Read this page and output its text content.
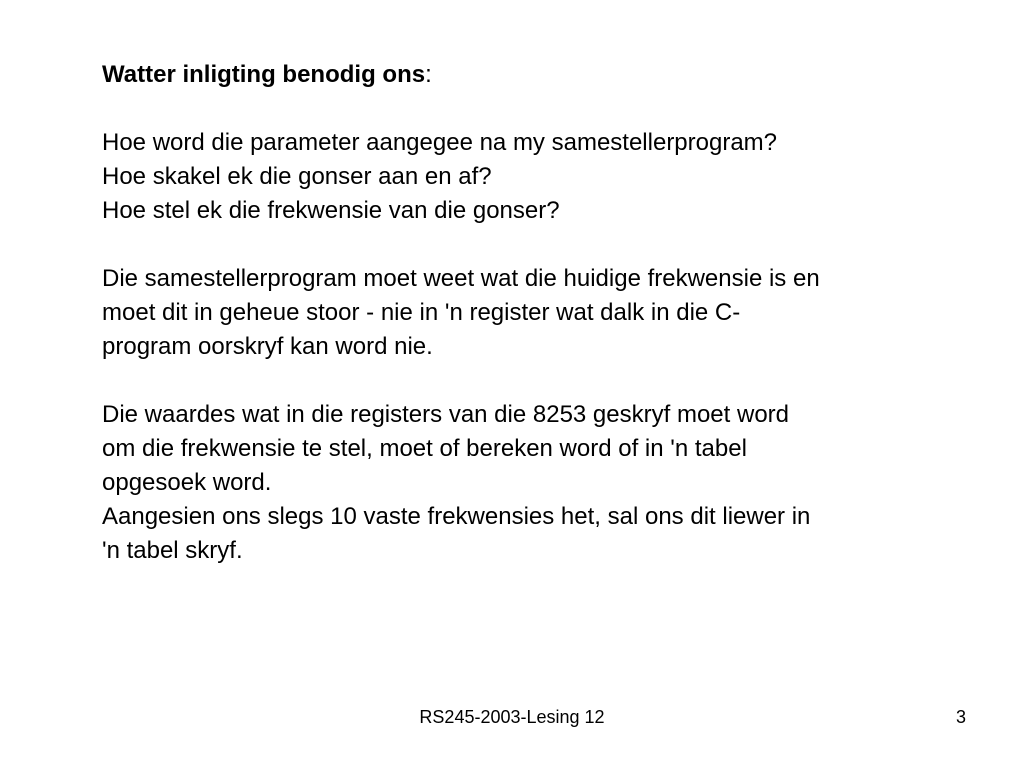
Watter inligting benodig ons:
Hoe word die parameter aangegee na my samestellerprogram?
Hoe skakel ek die gonser aan en af?
Hoe stel ek die frekwensie van die gonser?
Die samestellerprogram moet weet wat die huidige frekwensie is en
moet dit in geheue stoor - nie in 'n register wat dalk in die C-
program oorskryf kan word nie.
Die waardes wat in die registers van die 8253 geskryf moet word
om die frekwensie te stel, moet of bereken word of in 'n tabel
opgesoek word.
Aangesien ons slegs 10 vaste frekwensies het, sal ons dit liewer in
'n tabel skryf.
RS245-2003-Lesing 12	3
